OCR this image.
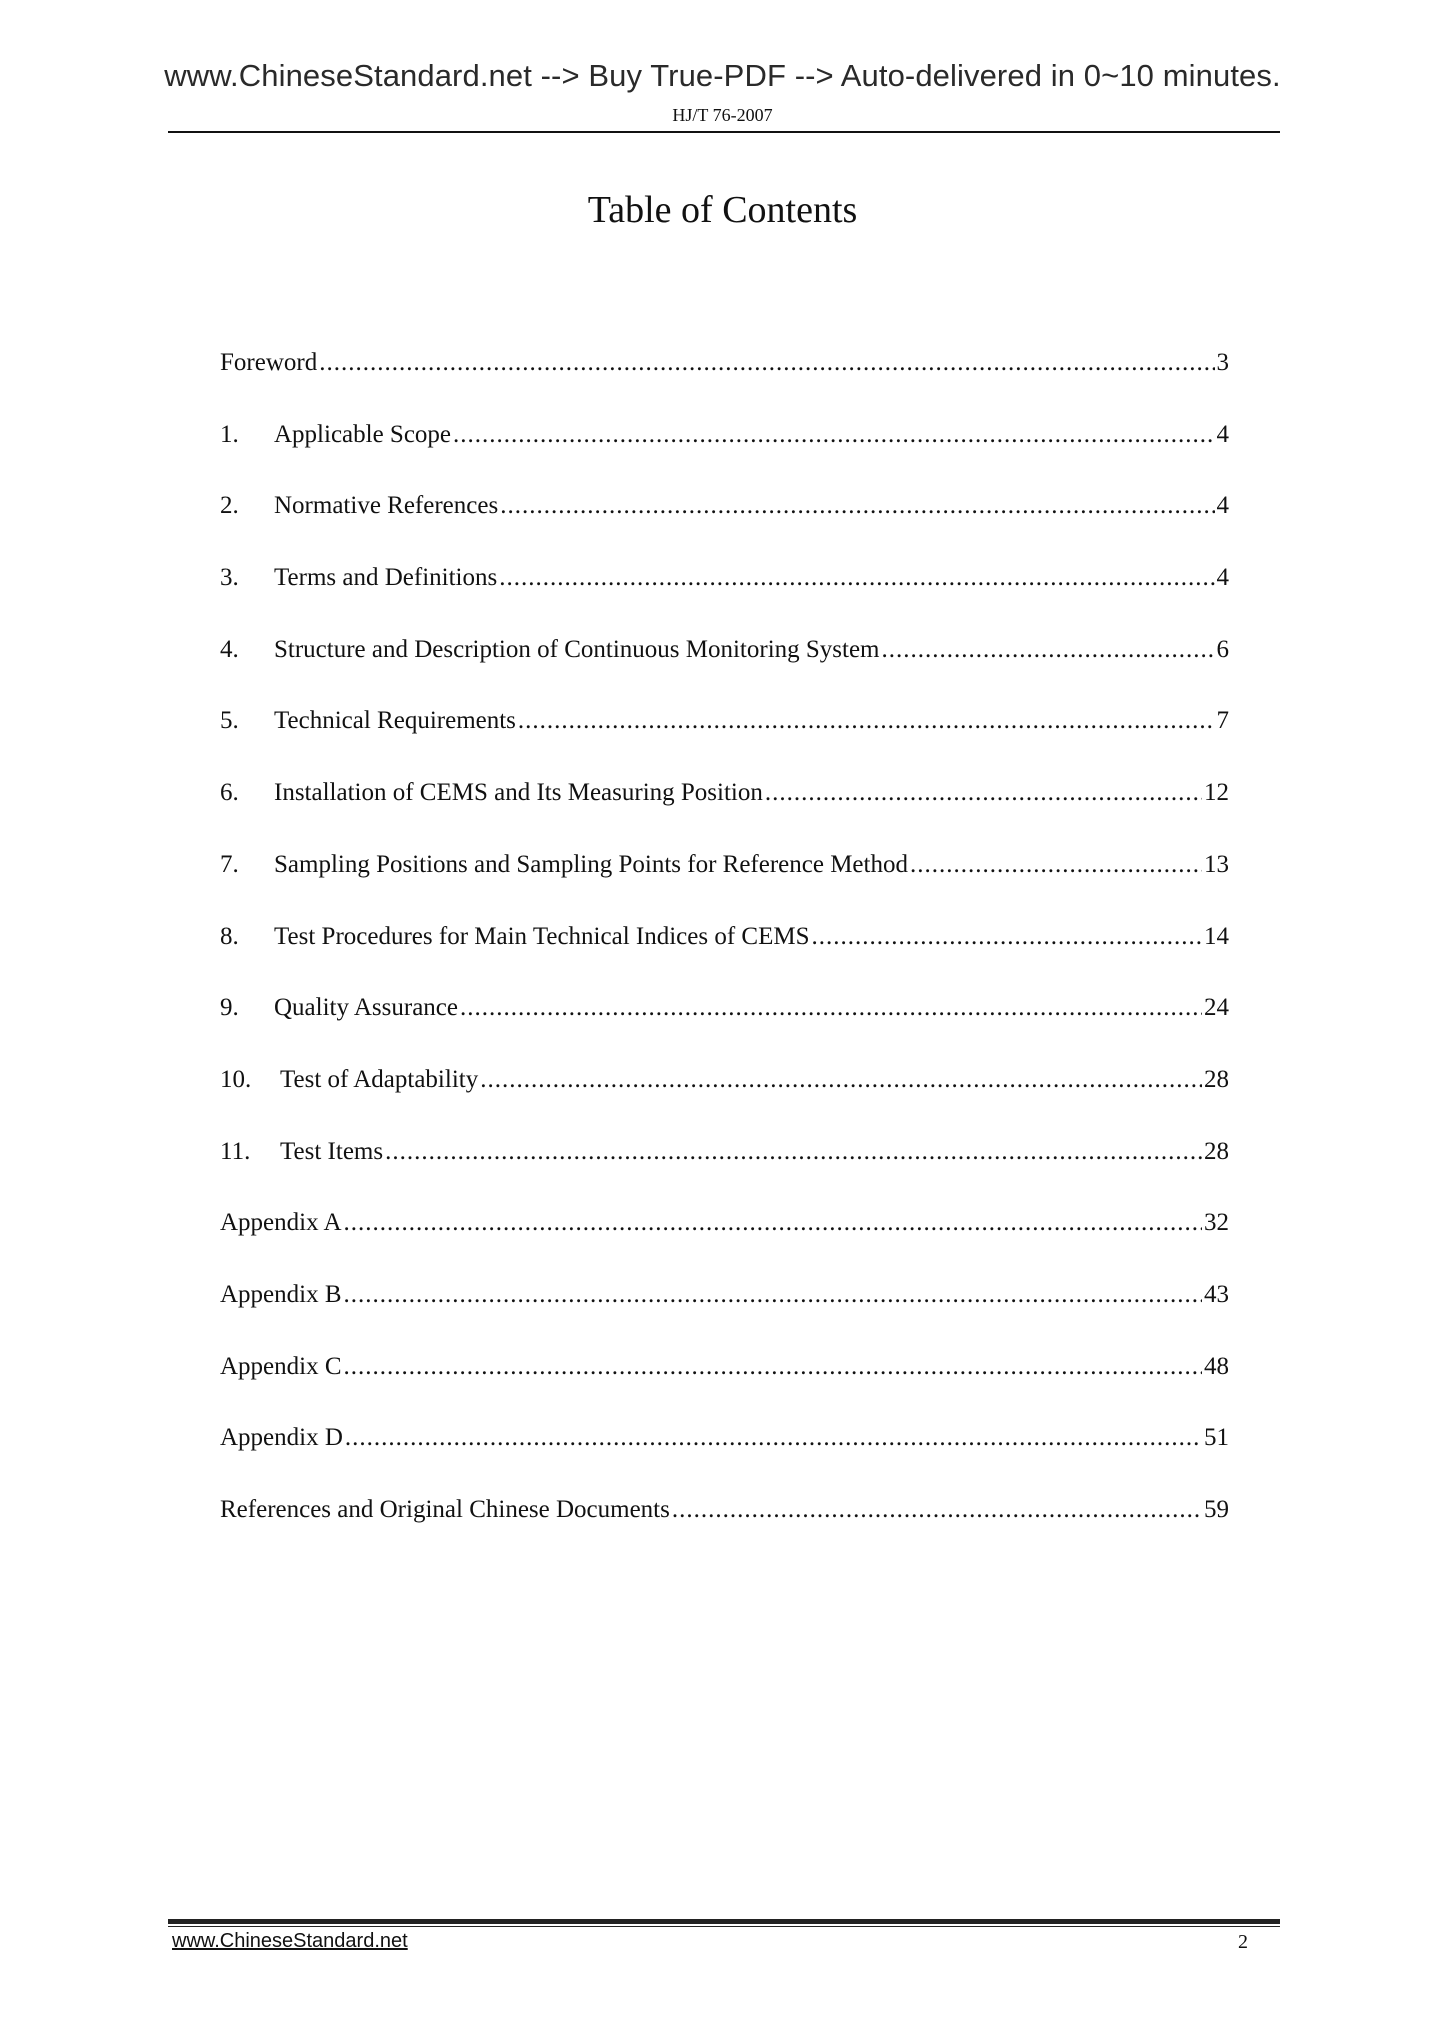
www.ChineseStandard.net --> Buy True-PDF --> Auto-delivered in 0~10 minutes.
HJ/T 76-2007
Table of Contents
Foreword .....	3
1.	Applicable Scope .....	4
2.	Normative References .....	4
3.	Terms and Definitions .....	4
4.	Structure and Description of Continuous Monitoring System .....	6
5.	Technical Requirements .....	7
6.	Installation of CEMS and Its Measuring Position .....	12
7.	Sampling Positions and Sampling Points for Reference Method .....	13
8.	Test Procedures for Main Technical Indices of CEMS .....	14
9.	Quality Assurance .....	24
10.	Test of Adaptability .....	28
11.	Test Items .....	28
Appendix A .....	32
Appendix B .....	43
Appendix C .....	48
Appendix D .....	51
References and Original Chinese Documents .....	59
www.ChineseStandard.net	2
